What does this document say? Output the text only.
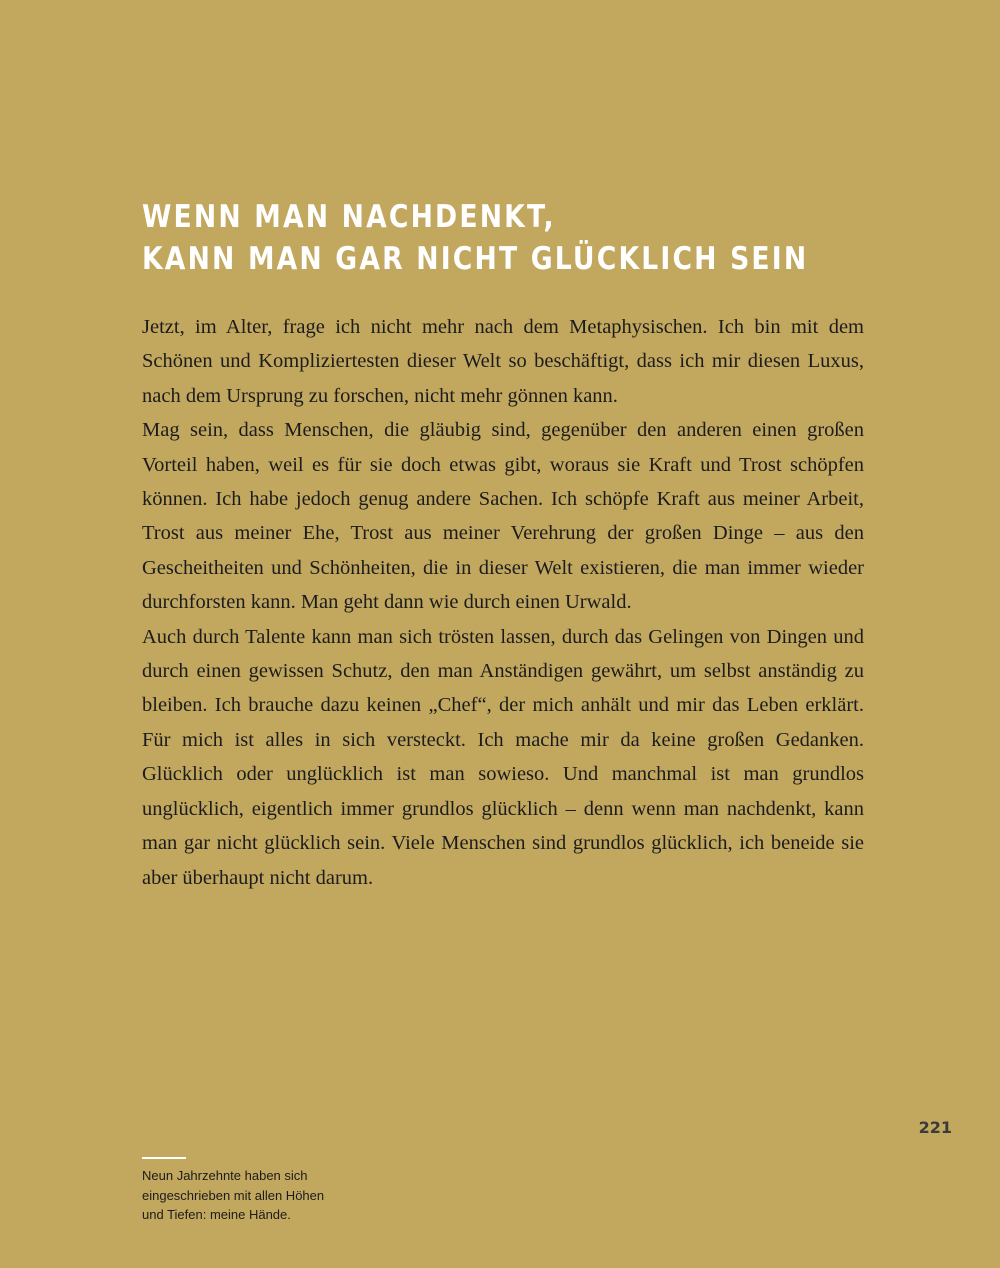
WENN MAN NACHDENKT,
KANN MAN GAR NICHT GLÜCKLICH SEIN

Jetzt, im Alter, frage ich nicht mehr nach dem Metaphysischen. Ich bin mit dem Schönen und Kompliziertesten dieser Welt so beschäftigt, dass ich mir diesen Luxus, nach dem Ursprung zu forschen, nicht mehr gönnen kann.

Mag sein, dass Menschen, die gläubig sind, gegenüber den anderen einen großen Vorteil haben, weil es für sie doch etwas gibt, woraus sie Kraft und Trost schöpfen können. Ich habe jedoch genug andere Sachen. Ich schöpfe Kraft aus meiner Arbeit, Trost aus meiner Ehe, Trost aus meiner Verehrung der großen Dinge – aus den Gescheitheiten und Schönheiten, die in dieser Welt existieren, die man immer wieder durchforsten kann. Man geht dann wie durch einen Urwald.

Auch durch Talente kann man sich trösten lassen, durch das Gelingen von Dingen und durch einen gewissen Schutz, den man Anständigen gewährt, um selbst anständig zu bleiben. Ich brauche dazu keinen „Chef“, der mich anhält und mir das Leben erklärt. Für mich ist alles in sich versteckt. Ich mache mir da keine großen Gedanken. Glücklich oder unglücklich ist man sowieso. Und manchmal ist man grundlos unglücklich, eigentlich immer grundlos glücklich – denn wenn man nachdenkt, kann man gar nicht glücklich sein. Viele Menschen sind grundlos glücklich, ich beneide sie aber überhaupt nicht darum.

221
Neun Jahrzehnte haben sich
eingeschrieben mit allen Höhen
und Tiefen: meine Hände.
